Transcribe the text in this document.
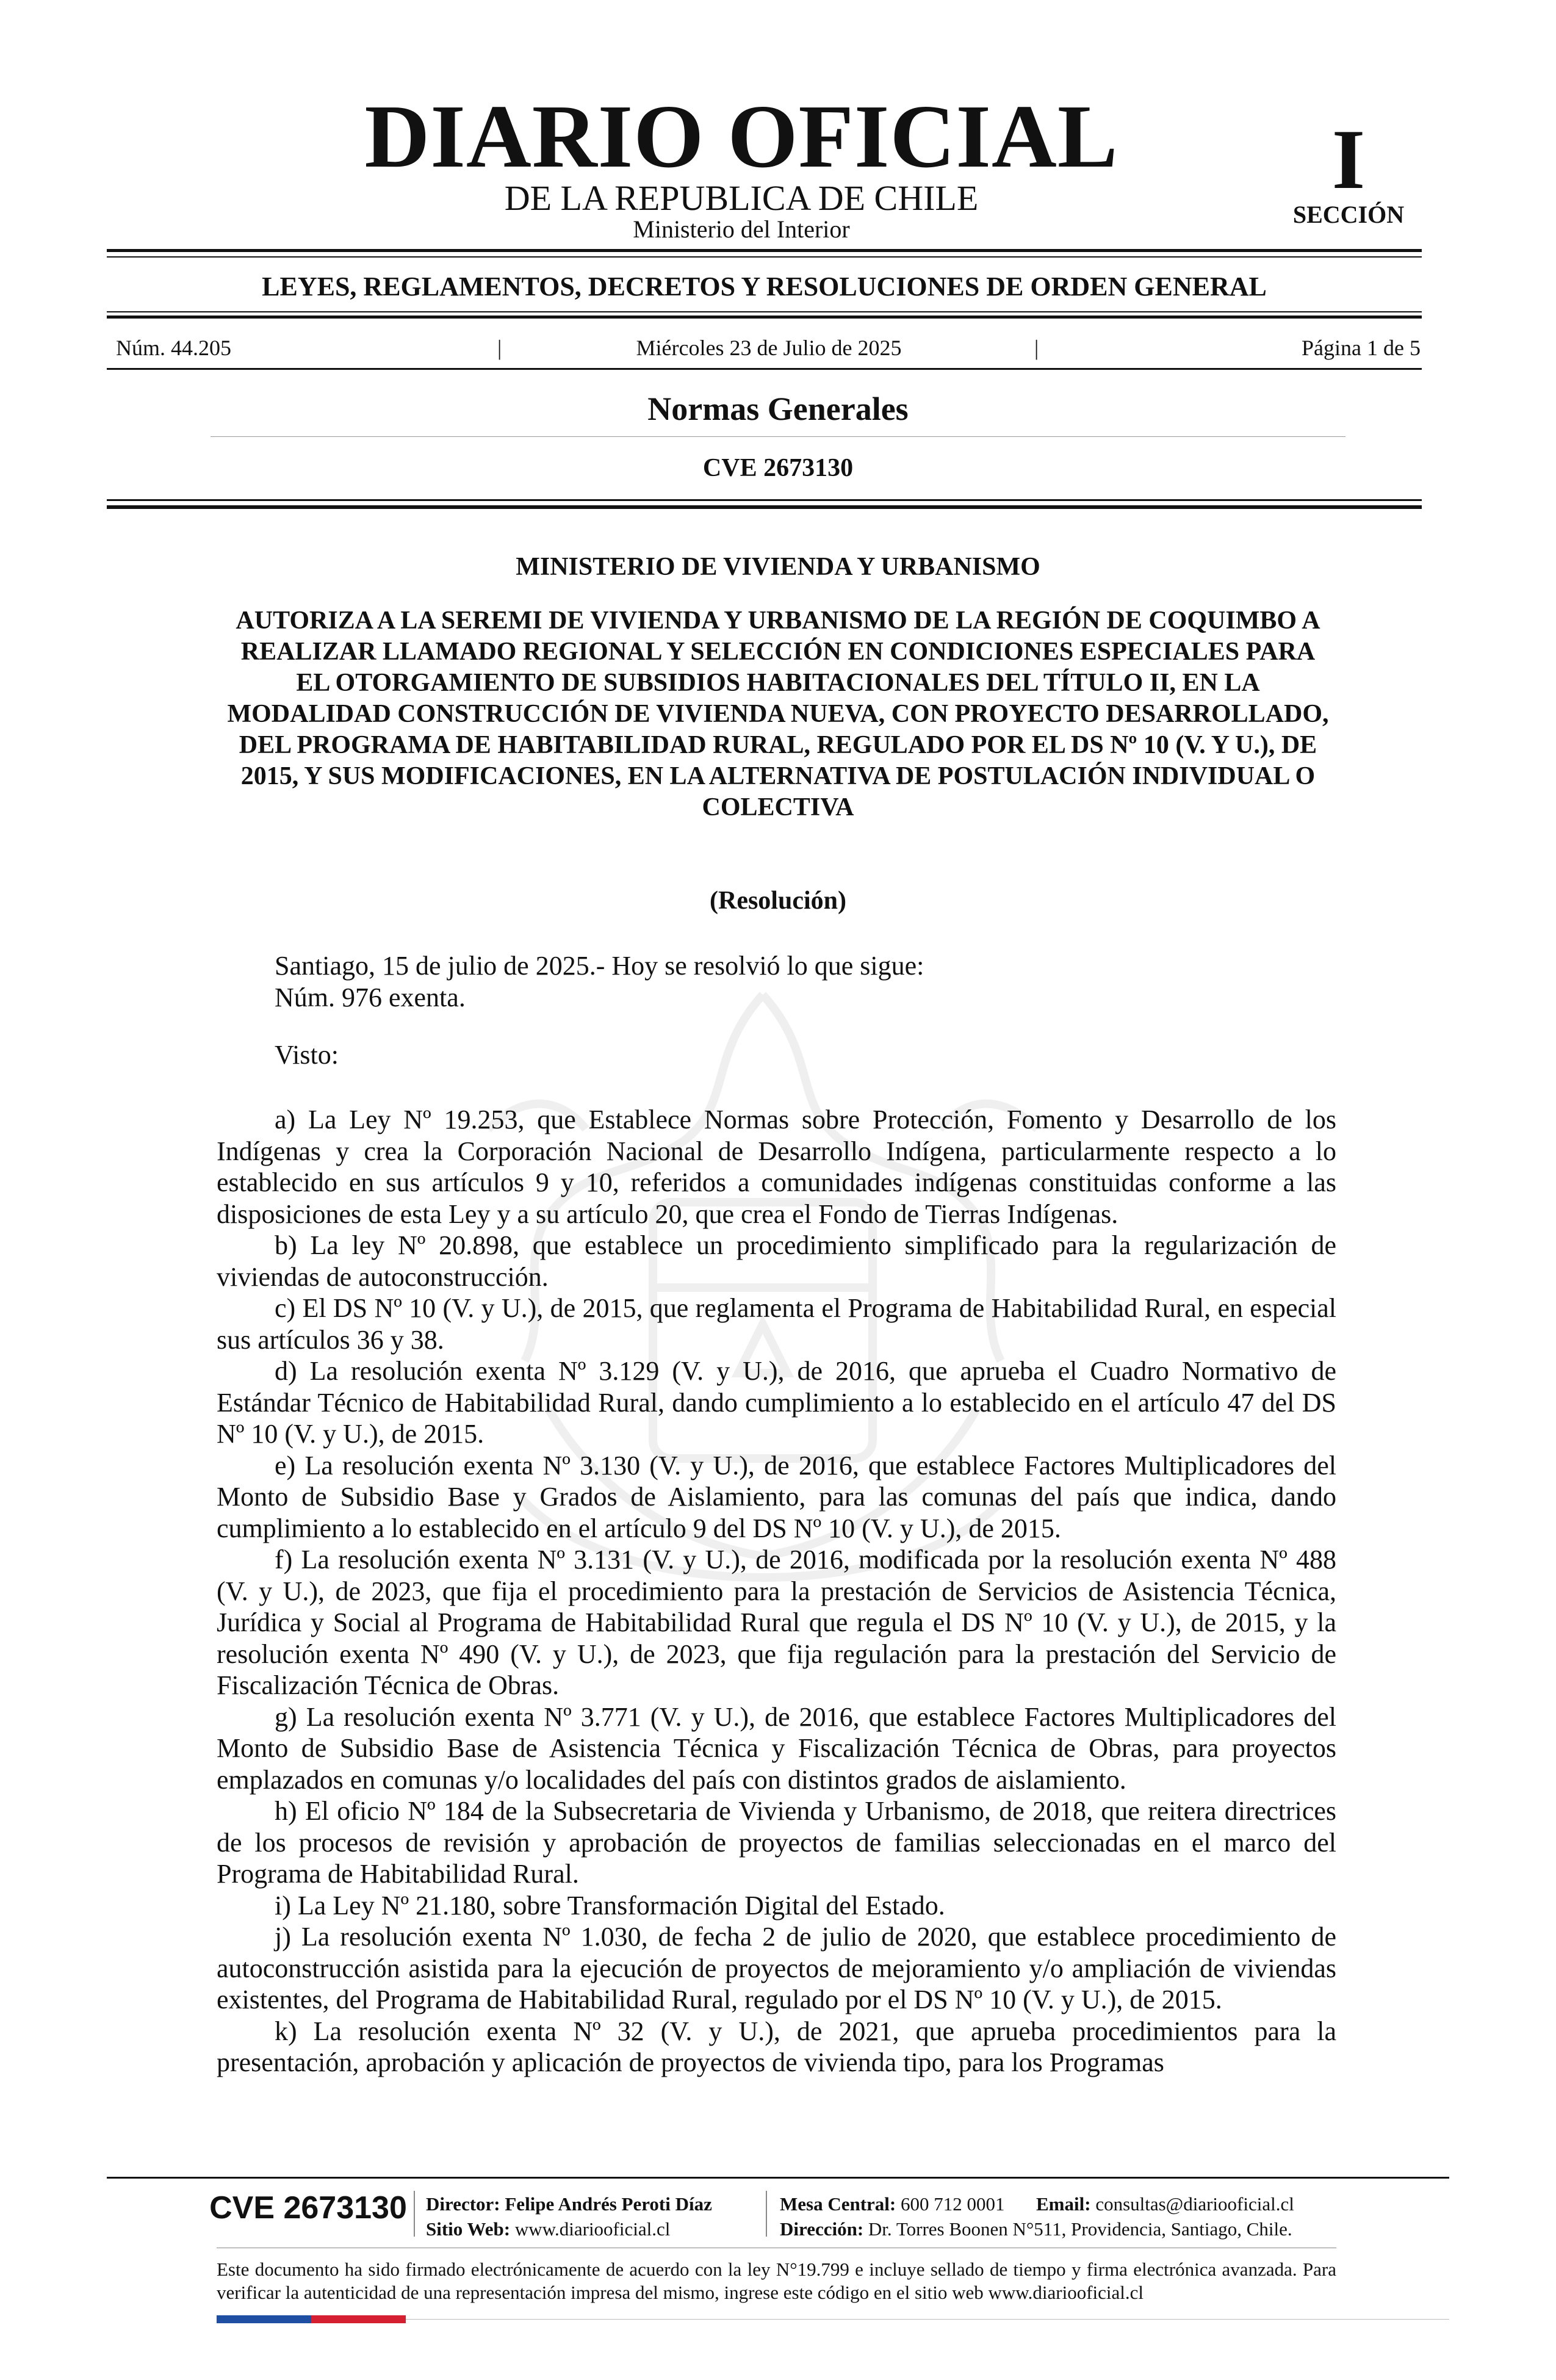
DIARIO OFICIAL
DE LA REPUBLICA DE CHILE
Ministerio del Interior
I
SECCIÓN
LEYES, REGLAMENTOS, DECRETOS Y RESOLUCIONES DE ORDEN GENERAL
Núm. 44.205	|	Miércoles 23 de Julio de 2025	|	Página 1 de 5
Normas Generales
CVE 2673130
MINISTERIO DE VIVIENDA Y URBANISMO
AUTORIZA A LA SEREMI DE VIVIENDA Y URBANISMO DE LA REGIÓN DE COQUIMBO A REALIZAR LLAMADO REGIONAL Y SELECCIÓN EN CONDICIONES ESPECIALES PARA EL OTORGAMIENTO DE SUBSIDIOS HABITACIONALES DEL TÍTULO II, EN LA MODALIDAD CONSTRUCCIÓN DE VIVIENDA NUEVA, CON PROYECTO DESARROLLADO, DEL PROGRAMA DE HABITABILIDAD RURAL, REGULADO POR EL DS Nº 10 (V. Y U.), DE 2015, Y SUS MODIFICACIONES, EN LA ALTERNATIVA DE POSTULACIÓN INDIVIDUAL O COLECTIVA
(Resolución)
Santiago, 15 de julio de 2025.- Hoy se resolvió lo que sigue:
Núm. 976 exenta.
Visto:

a) La Ley Nº 19.253, que Establece Normas sobre Protección, Fomento y Desarrollo de los Indígenas y crea la Corporación Nacional de Desarrollo Indígena, particularmente respecto a lo establecido en sus artículos 9 y 10, referidos a comunidades indígenas constituidas conforme a las disposiciones de esta Ley y a su artículo 20, que crea el Fondo de Tierras Indígenas.

b) La ley Nº 20.898, que establece un procedimiento simplificado para la regularización de viviendas de autoconstrucción.

c) El DS Nº 10 (V. y U.), de 2015, que reglamenta el Programa de Habitabilidad Rural, en especial sus artículos 36 y 38.

d) La resolución exenta Nº 3.129 (V. y U.), de 2016, que aprueba el Cuadro Normativo de Estándar Técnico de Habitabilidad Rural, dando cumplimiento a lo establecido en el artículo 47 del DS Nº 10 (V. y U.), de 2015.

e) La resolución exenta Nº 3.130 (V. y U.), de 2016, que establece Factores Multiplicadores del Monto de Subsidio Base y Grados de Aislamiento, para las comunas del país que indica, dando cumplimiento a lo establecido en el artículo 9 del DS Nº 10 (V. y U.), de 2015.

f) La resolución exenta Nº 3.131 (V. y U.), de 2016, modificada por la resolución exenta Nº 488 (V. y U.), de 2023, que fija el procedimiento para la prestación de Servicios de Asistencia Técnica, Jurídica y Social al Programa de Habitabilidad Rural que regula el DS Nº 10 (V. y U.), de 2015, y la resolución exenta Nº 490 (V. y U.), de 2023, que fija regulación para la prestación del Servicio de Fiscalización Técnica de Obras.

g) La resolución exenta Nº 3.771 (V. y U.), de 2016, que establece Factores Multiplicadores del Monto de Subsidio Base de Asistencia Técnica y Fiscalización Técnica de Obras, para proyectos emplazados en comunas y/o localidades del país con distintos grados de aislamiento.

h) El oficio Nº 184 de la Subsecretaria de Vivienda y Urbanismo, de 2018, que reitera directrices de los procesos de revisión y aprobación de proyectos de familias seleccionadas en el marco del Programa de Habitabilidad Rural.

i) La Ley Nº 21.180, sobre Transformación Digital del Estado.

j) La resolución exenta Nº 1.030, de fecha 2 de julio de 2020, que establece procedimiento de autoconstrucción asistida para la ejecución de proyectos de mejoramiento y/o ampliación de viviendas existentes, del Programa de Habitabilidad Rural, regulado por el DS Nº 10 (V. y U.), de 2015.

k) La resolución exenta Nº 32 (V. y U.), de 2021, que aprueba procedimientos para la presentación, aprobación y aplicación de proyectos de vivienda tipo, para los Programas

CVE 2673130 Director: Felipe Andrés Peroti Díaz
Sitio Web: www.diariooficial.cl
Mesa Central: 600 712 0001 Email: consultas@diariooficial.cl
Dirección: Dr. Torres Boonen N°511, Providencia, Santiago, Chile.
Este documento ha sido firmado electrónicamente de acuerdo con la ley N°19.799 e incluye sellado de tiempo y firma electrónica avanzada. Para verificar la autenticidad de una representación impresa del mismo, ingrese este código en el sitio web www.diariooficial.cl
